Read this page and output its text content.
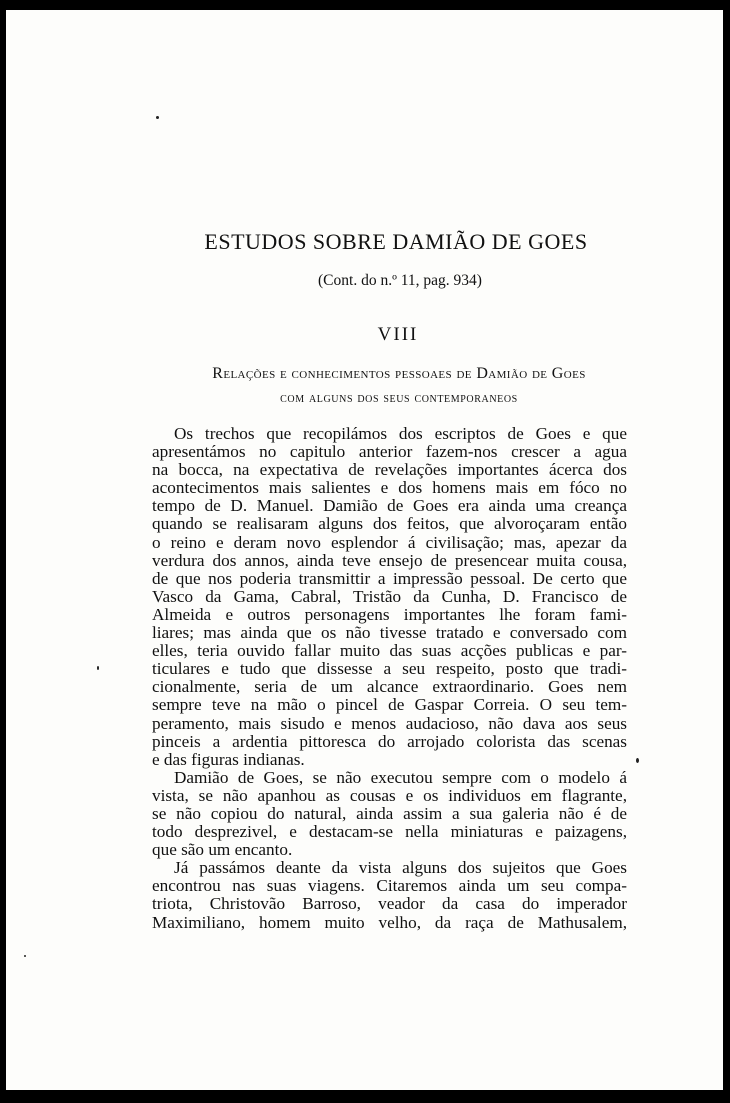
ESTUDOS SOBRE DAMIÃO DE GOES
(Cont. do n.º 11, pag. 934)
VIII
Relações e conhecimentos pessoaes de Damião de Goes
com alguns dos seus contemporaneos
Os trechos que recopilámos dos escriptos de Goes e que
apresentámos no capitulo anterior fazem-nos crescer a agua
na bocca, na expectativa de revelações importantes ácerca dos
acontecimentos mais salientes e dos homens mais em fóco no
tempo de D. Manuel. Damião de Goes era ainda uma creança
quando se realisaram alguns dos feitos, que alvoroçaram então
o reino e deram novo esplendor á civilisação; mas, apezar da
verdura dos annos, ainda teve ensejo de presencear muita cousa,
de que nos poderia transmittir a impressão pessoal. De certo que
Vasco da Gama, Cabral, Tristão da Cunha, D. Francisco de
Almeida e outros personagens importantes lhe foram fami-
liares; mas ainda que os não tivesse tratado e conversado com
elles, teria ouvido fallar muito das suas acções publicas e par-
ticulares e tudo que dissesse a seu respeito, posto que tradi-
cionalmente, seria de um alcance extraordinario. Goes nem
sempre teve na mão o pincel de Gaspar Correia. O seu tem-
peramento, mais sisudo e menos audacioso, não dava aos seus
pinceis a ardentia pittoresca do arrojado colorista das scenas
e das figuras indianas.
Damião de Goes, se não executou sempre com o modelo á
vista, se não apanhou as cousas e os individuos em flagrante,
se não copiou do natural, ainda assim a sua galeria não é de
todo desprezivel, e destacam-se nella miniaturas e paizagens,
que são um encanto.
Já passámos deante da vista alguns dos sujeitos que Goes
encontrou nas suas viagens. Citaremos ainda um seu compa-
triota, Christovão Barroso, veador da casa do imperador
Maximiliano, homem muito velho, da raça de Mathusalem,
